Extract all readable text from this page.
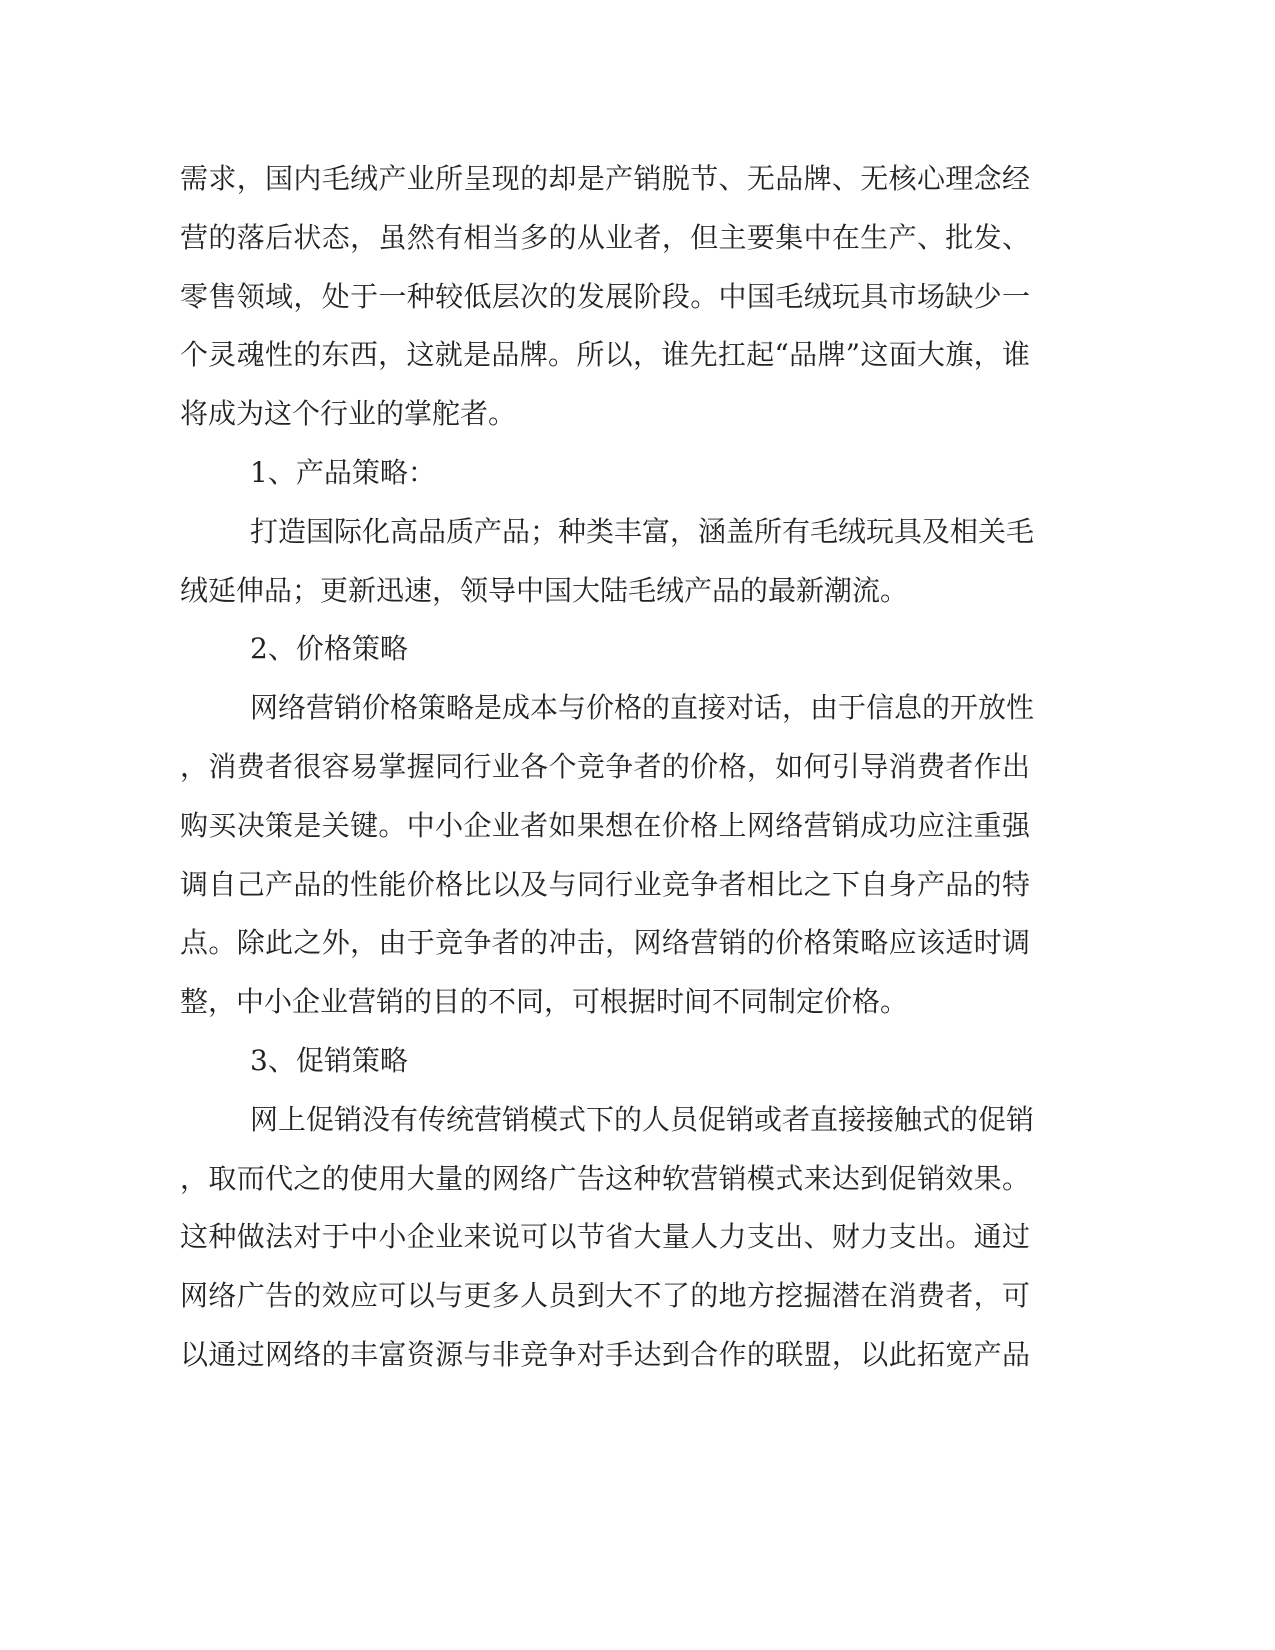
需求，国内毛绒产业所呈现的却是产销脱节、无品牌、无核心理念经
营的落后状态，虽然有相当多的从业者，但主要集中在生产、批发、
零售领域，处于一种较低层次的发展阶段。中国毛绒玩具市场缺少一
个灵魂性的东西，这就是品牌。所以，谁先扛起“品牌”这面大旗，谁
将成为这个行业的掌舵者。
1、产品策略：
打造国际化高品质产品；种类丰富，涵盖所有毛绒玩具及相关毛
绒延伸品；更新迅速，领导中国大陆毛绒产品的最新潮流。
2、价格策略
网络营销价格策略是成本与价格的直接对话，由于信息的开放性
，消费者很容易掌握同行业各个竞争者的价格，如何引导消费者作出
购买决策是关键。中小企业者如果想在价格上网络营销成功应注重强
调自己产品的性能价格比以及与同行业竞争者相比之下自身产品的特
点。除此之外，由于竞争者的冲击，网络营销的价格策略应该适时调
整，中小企业营销的目的不同，可根据时间不同制定价格。
3、促销策略
网上促销没有传统营销模式下的人员促销或者直接接触式的促销
，取而代之的使用大量的网络广告这种软营销模式来达到促销效果。
这种做法对于中小企业来说可以节省大量人力支出、财力支出。通过
网络广告的效应可以与更多人员到大不了的地方挖掘潜在消费者，可
以通过网络的丰富资源与非竞争对手达到合作的联盟，以此拓宽产品
